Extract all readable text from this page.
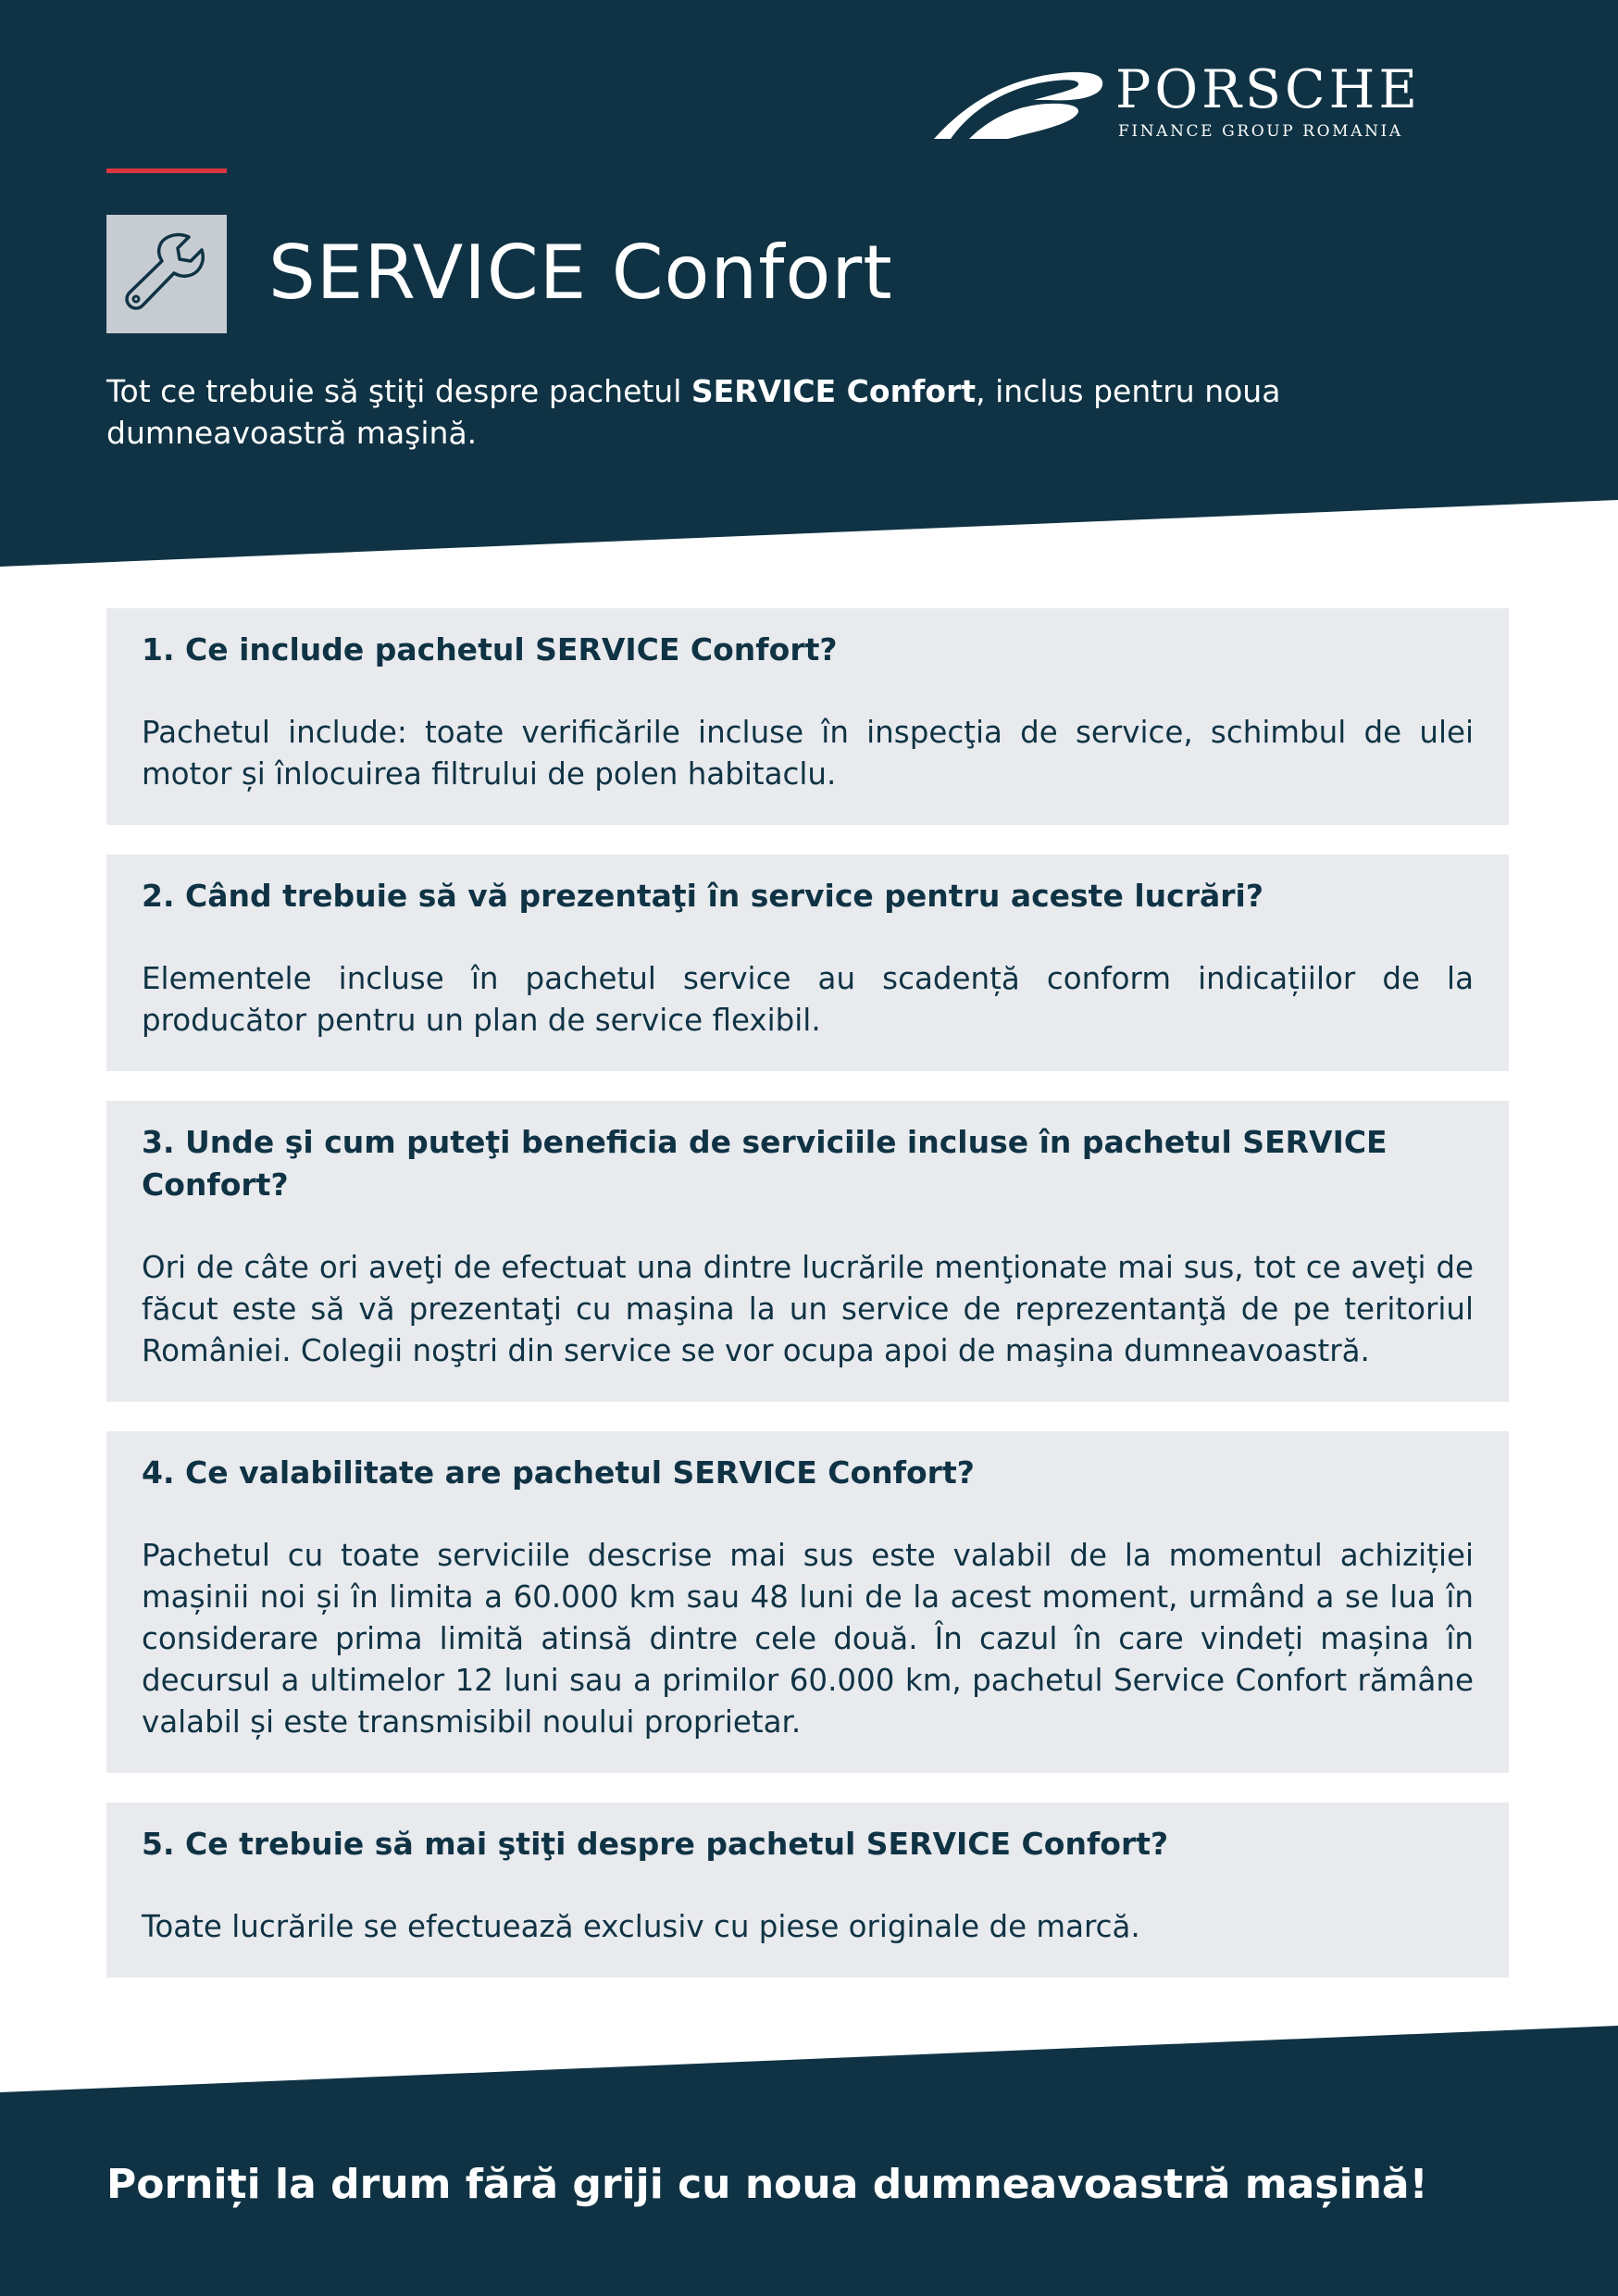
PORSCHE

FINANCE GROUP ROMANIA

SERVICE Confort

Tot ce trebuie să ştiţi despre pachetul SERVICE Confort, inclus pentru noua dumneavoastră maşină.

1. Ce include pachetul SERVICE Confort?

Pachetul include: toate verificările incluse în inspecţia de service, schimbul de ulei motor și înlocuirea filtrului de polen habitaclu.

2. Când trebuie să vă prezentaţi în service pentru aceste lucrări?

Elementele incluse în pachetul service au scadență conform indicațiilor de la producător pentru un plan de service flexibil.

3. Unde şi cum puteţi beneficia de serviciile incluse în pachetul SERVICE Confort?

Ori de câte ori aveţi de efectuat una dintre lucrările menţionate mai sus, tot ce aveţi de făcut este să vă prezentaţi cu maşina la un service de reprezentanţă de pe teritoriul României. Colegii noştri din service se vor ocupa apoi de maşina dumneavoastră.

4. Ce valabilitate are pachetul SERVICE Confort?

Pachetul cu toate serviciile descrise mai sus este valabil de la momentul achiziției mașinii noi și în limita a 60.000 km sau 48 luni de la acest moment, urmând a se lua în considerare prima limită atinsă dintre cele două. În cazul în care vindeți mașina în decursul a ultimelor 12 luni sau a primilor 60.000 km, pachetul Service Confort rămâne valabil și este transmisibil noului proprietar.

5. Ce trebuie să mai ştiţi despre pachetul SERVICE Confort?

Toate lucrările se efectuează exclusiv cu piese originale de marcă.

Porniți la drum fără griji cu noua dumneavoastră mașină!
